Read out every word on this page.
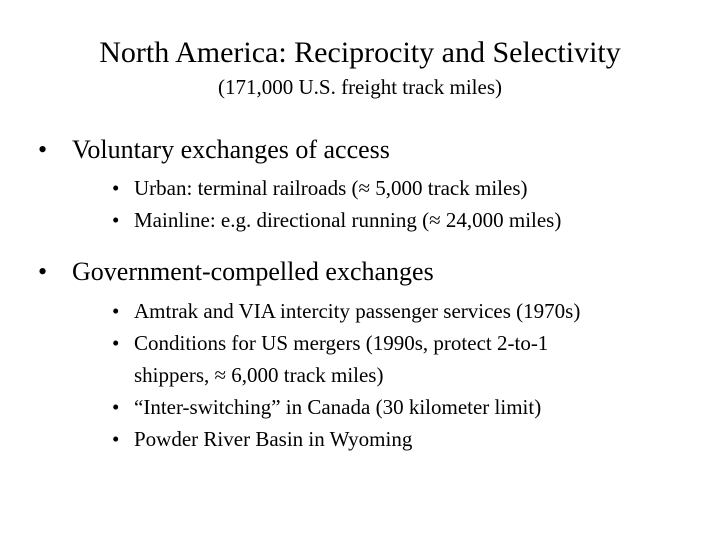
North America: Reciprocity and Selectivity
(171,000 U.S. freight track miles)
• Voluntary exchanges of access
• Urban: terminal railroads (≈ 5,000 track miles)
• Mainline: e.g. directional running (≈ 24,000 miles)
• Government-compelled exchanges
• Amtrak and VIA intercity passenger services (1970s)
• Conditions for US mergers (1990s, protect 2-to-1 shippers, ≈ 6,000 track miles)
• “Inter-switching” in Canada (30 kilometer limit)
• Powder River Basin in Wyoming
